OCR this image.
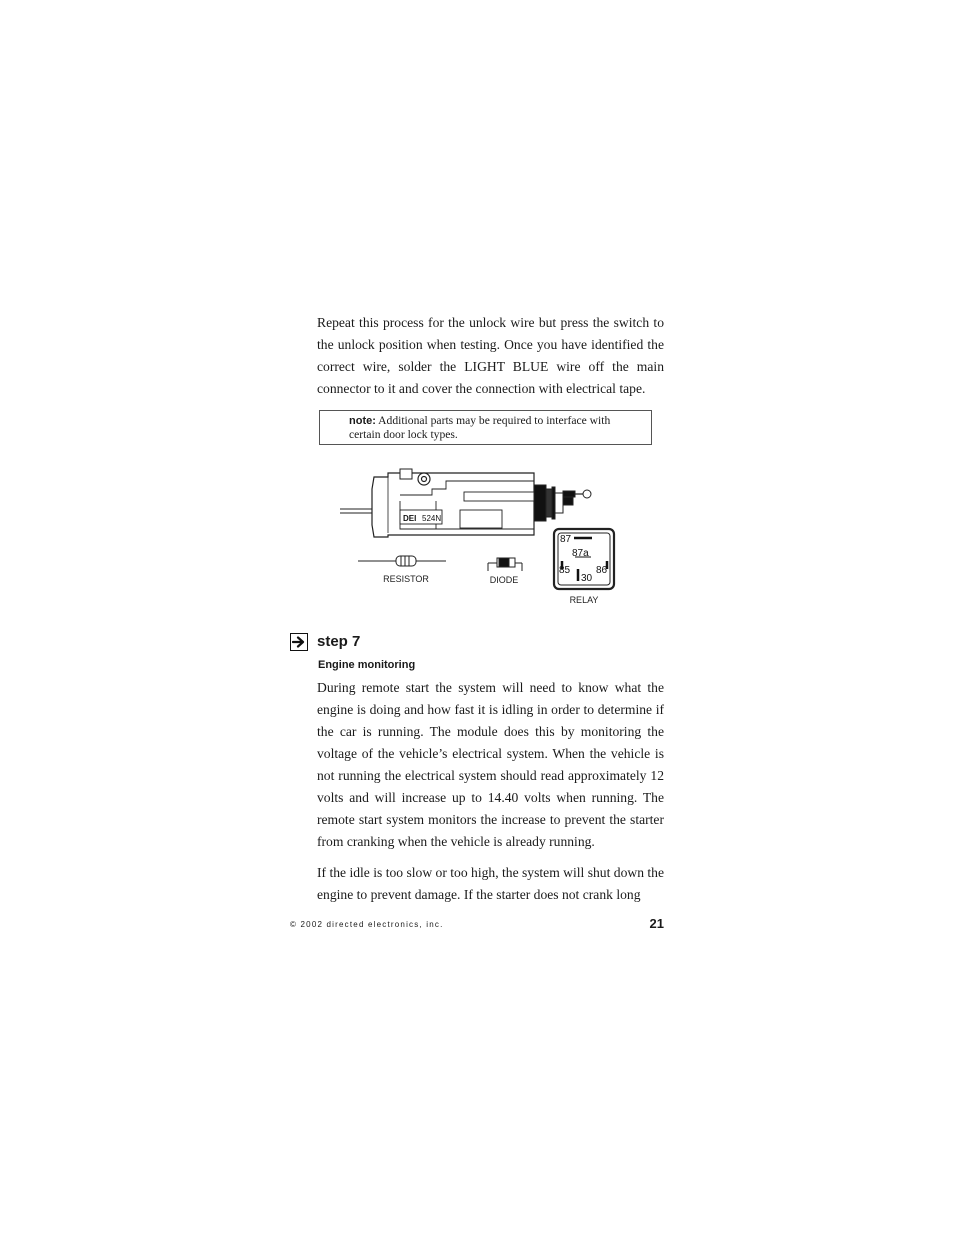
Repeat this process for the unlock wire but press the switch to the unlock position when testing. Once you have identified the correct wire, solder the LIGHT BLUE wire off the main connector to it and cover the connection with electrical tape.

note: Additional parts may be required to interface with certain door lock types.

DEI 524N
RESISTOR	DIODE
87
87a
85
30
86
RELAY
step 7
Engine monitoring

During remote start the system will need to know what the engine is doing and how fast it is idling in order to determine if the car is running. The module does this by monitoring the voltage of the vehicle’s electrical system. When the vehicle is not running the electrical system should read approximately 12 volts and will increase up to 14.40 volts when running. The remote start system monitors the increase to prevent the starter from cranking when the vehicle is already running.

If the idle is too slow or too high, the system will shut down the engine to prevent damage. If the starter does not crank long

© 2002 directed electronics, inc.	21
